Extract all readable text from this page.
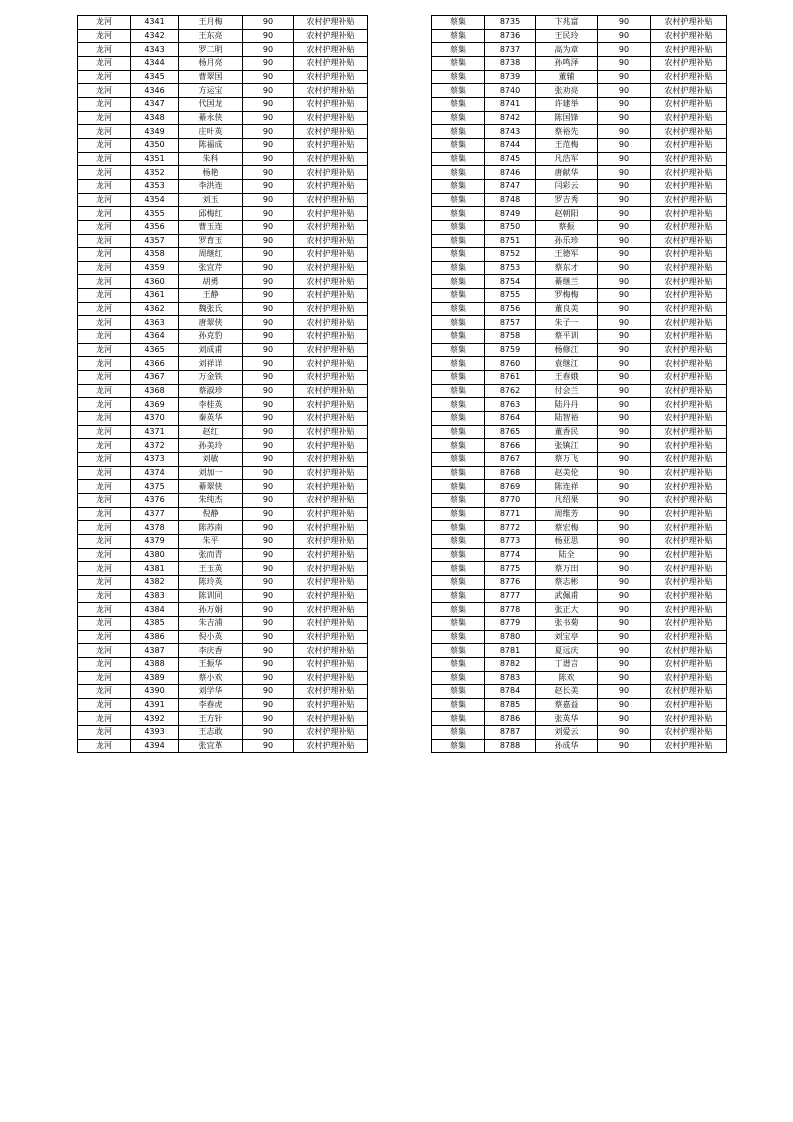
龙河	4341	王月梅	90	农村护理补贴
龙河	4342	王东亮	90	农村护理补贴
龙河	4343	罗二明	90	农村护理补贴
龙河	4344	杨月亮	90	农村护理补贴
龙河	4345	曹翠国	90	农村护理补贴
龙河	4346	方运宝	90	农村护理补贴
龙河	4347	代国龙	90	农村护理补贴
龙河	4348	綦永侠	90	农村护理补贴
龙河	4349	庄叶英	90	农村护理补贴
龙河	4350	陈福成	90	农村护理补贴
龙河	4351	朱科	90	农村护理补贴
龙河	4352	杨艳	90	农村护理补贴
龙河	4353	李洪连	90	农村护理补贴
龙河	4354	刘玉	90	农村护理补贴
龙河	4355	邱梅红	90	农村护理补贴
龙河	4356	曹玉连	90	农村护理补贴
龙河	4357	罗育玉	90	农村护理补贴
龙河	4358	周继红	90	农村护理补贴
龙河	4359	张宜芹	90	农村护理补贴
龙河	4360	胡勇	90	农村护理补贴
龙河	4361	王静	90	农村护理补贴
龙河	4362	魏张氏	90	农村护理补贴
龙河	4363	唐翠侠	90	农村护理补贴
龙河	4364	孙克豹	90	农村护理补贴
龙河	4365	刘成甫	90	农村护理补贴
龙河	4366	刘祥详	90	农村护理补贴
龙河	4367	万金铁	90	农村护理补贴
龙河	4368	蔡淑珍	90	农村护理补贴
龙河	4369	李桂英	90	农村护理补贴
龙河	4370	秦英华	90	农村护理补贴
龙河	4371	赵红	90	农村护理补贴
龙河	4372	孙美玲	90	农村护理补贴
龙河	4373	刘敏	90	农村护理补贴
龙河	4374	刘加一	90	农村护理补贴
龙河	4375	綦翠侠	90	农村护理补贴
龙河	4376	朱纯杰	90	农村护理补贴
龙河	4377	倪静	90	农村护理补贴
龙河	4378	陈苏南	90	农村护理补贴
龙河	4379	朱平	90	农村护理补贴
龙河	4380	张而青	90	农村护理补贴
龙河	4381	王玉英	90	农村护理补贴
龙河	4382	陈玲英	90	农村护理补贴
龙河	4383	陈训同	90	农村护理补贴
龙河	4384	孙万娟	90	农村护理补贴
龙河	4385	朱吉浦	90	农村护理补贴
龙河	4386	倪小英	90	农村护理补贴
龙河	4387	李庆香	90	农村护理补贴
龙河	4388	王振华	90	农村护理补贴
龙河	4389	蔡小欢	90	农村护理补贴
龙河	4390	刘学华	90	农村护理补贴
龙河	4391	李春虎	90	农村护理补贴
龙河	4392	王方针	90	农村护理补贴
龙河	4393	王志敢	90	农村护理补贴
龙河	4394	张宜革	90	农村护理补贴
蔡集	8735	卞兆富	90	农村护理补贴
蔡集	8736	王民玲	90	农村护理补贴
蔡集	8737	高为章	90	农村护理补贴
蔡集	8738	孙鸣泽	90	农村护理补贴
蔡集	8739	董辅	90	农村护理补贴
蔡集	8740	张劝亮	90	农村护理补贴
蔡集	8741	许建举	90	农村护理补贴
蔡集	8742	陈国锋	90	农村护理补贴
蔡集	8743	蔡裕先	90	农村护理补贴
蔡集	8744	王范梅	90	农村护理补贴
蔡集	8745	凡浩军	90	农村护理补贴
蔡集	8746	唐献华	90	农村护理补贴
蔡集	8747	闫彩云	90	农村护理补贴
蔡集	8748	罗吉秀	90	农村护理补贴
蔡集	8749	赵朝阳	90	农村护理补贴
蔡集	8750	蔡振	90	农村护理补贴
蔡集	8751	孙乐珍	90	农村护理补贴
蔡集	8752	王德军	90	农村护理补贴
蔡集	8753	蔡东才	90	农村护理补贴
蔡集	8754	綦继兰	90	农村护理补贴
蔡集	8755	罗梅梅	90	农村护理补贴
蔡集	8756	董良美	90	农村护理补贴
蔡集	8757	朱子一	90	农村护理补贴
蔡集	8758	蔡平训	90	农村护理补贴
蔡集	8759	杨修江	90	农村护理补贴
蔡集	8760	袁继江	90	农村护理补贴
蔡集	8761	王春娥	90	农村护理补贴
蔡集	8762	付会兰	90	农村护理补贴
蔡集	8763	陆丹丹	90	农村护理补贴
蔡集	8764	陆智裕	90	农村护理补贴
蔡集	8765	董香民	90	农村护理补贴
蔡集	8766	张镇江	90	农村护理补贴
蔡集	8767	蔡万飞	90	农村护理补贴
蔡集	8768	赵美伦	90	农村护理补贴
蔡集	8769	陈连祥	90	农村护理补贴
蔡集	8770	凡绍果	90	农村护理补贴
蔡集	8771	周维芳	90	农村护理补贴
蔡集	8772	蔡宏梅	90	农村护理补贴
蔡集	8773	杨亚思	90	农村护理补贴
蔡集	8774	陆全	90	农村护理补贴
蔡集	8775	蔡万田	90	农村护理补贴
蔡集	8776	蔡志彬	90	农村护理补贴
蔡集	8777	武佩甫	90	农村护理补贴
蔡集	8778	张正大	90	农村护理补贴
蔡集	8779	张书菊	90	农村护理补贴
蔡集	8780	刘宝亭	90	农村护理补贴
蔡集	8781	夏远庆	90	农村护理补贴
蔡集	8782	丁谱言	90	农村护理补贴
蔡集	8783	陈欢	90	农村护理补贴
蔡集	8784	赵长美	90	农村护理补贴
蔡集	8785	蔡嘉益	90	农村护理补贴
蔡集	8786	张英华	90	农村护理补贴
蔡集	8787	刘爱云	90	农村护理补贴
蔡集	8788	孙成华	90	农村护理补贴
